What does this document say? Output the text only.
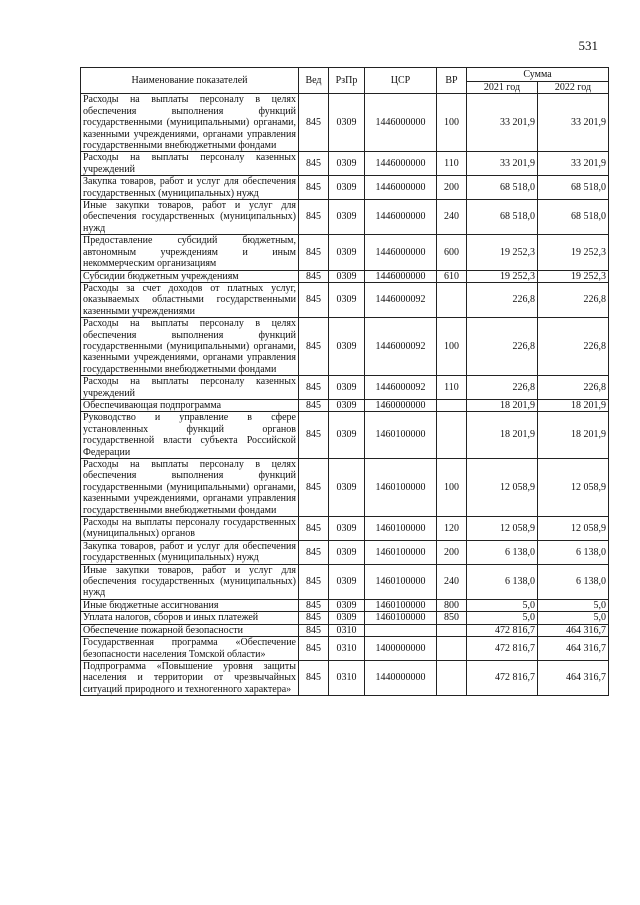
531
Наименование показателей	Вед	РзПр	ЦСР	ВР	Сумма	
					2021 год	2022 год
Расходы на выплаты персоналу в целях обеспечения выполнения функций государственными (муниципальными) органами, казенными учреждениями, органами управления государственными внебюджетными фондами	845	0309	1446000000	100	33 201,9	33 201,9
Расходы на выплаты персоналу казенных учреждений	845	0309	1446000000	110	33 201,9	33 201,9
Закупка товаров, работ и услуг для обеспечения государственных (муниципальных) нужд	845	0309	1446000000	200	68 518,0	68 518,0
Иные закупки товаров, работ и услуг для обеспечения государственных (муниципальных) нужд	845	0309	1446000000	240	68 518,0	68 518,0
Предоставление субсидий бюджетным, автономным учреждениям и иным некоммерческим организациям	845	0309	1446000000	600	19 252,3	19 252,3
Субсидии бюджетным учреждениям	845	0309	1446000000	610	19 252,3	19 252,3
Расходы за счет доходов от платных услуг, оказываемых областными государственными казенными учреждениями	845	0309	1446000092		226,8	226,8
Расходы на выплаты персоналу в целях обеспечения выполнения функций государственными (муниципальными) органами, казенными учреждениями, органами управления государственными внебюджетными фондами	845	0309	1446000092	100	226,8	226,8
Расходы на выплаты персоналу казенных учреждений	845	0309	1446000092	110	226,8	226,8
Обеспечивающая подпрограмма	845	0309	1460000000		18 201,9	18 201,9
Руководство и управление в сфере установленных функций органов государственной власти субъекта Российской Федерации	845	0309	1460100000		18 201,9	18 201,9
Расходы на выплаты персоналу в целях обеспечения выполнения функций государственными (муниципальными) органами, казенными учреждениями, органами управления государственными внебюджетными фондами	845	0309	1460100000	100	12 058,9	12 058,9
Расходы на выплаты персоналу государственных (муниципальных) органов	845	0309	1460100000	120	12 058,9	12 058,9
Закупка товаров, работ и услуг для обеспечения государственных (муниципальных) нужд	845	0309	1460100000	200	6 138,0	6 138,0
Иные закупки товаров, работ и услуг для обеспечения государственных (муниципальных) нужд	845	0309	1460100000	240	6 138,0	6 138,0
Иные бюджетные ассигнования	845	0309	1460100000	800	5,0	5,0
Уплата налогов, сборов и иных платежей	845	0309	1460100000	850	5,0	5,0
Обеспечение пожарной безопасности	845	0310			472 816,7	464 316,7
Государственная программа «Обеспечение безопасности населения Томской области»	845	0310	1400000000		472 816,7	464 316,7
Подпрограмма «Повышение уровня защиты населения и территории от чрезвычайных ситуаций природного и техногенного характера»	845	0310	1440000000		472 816,7	464 316,7
